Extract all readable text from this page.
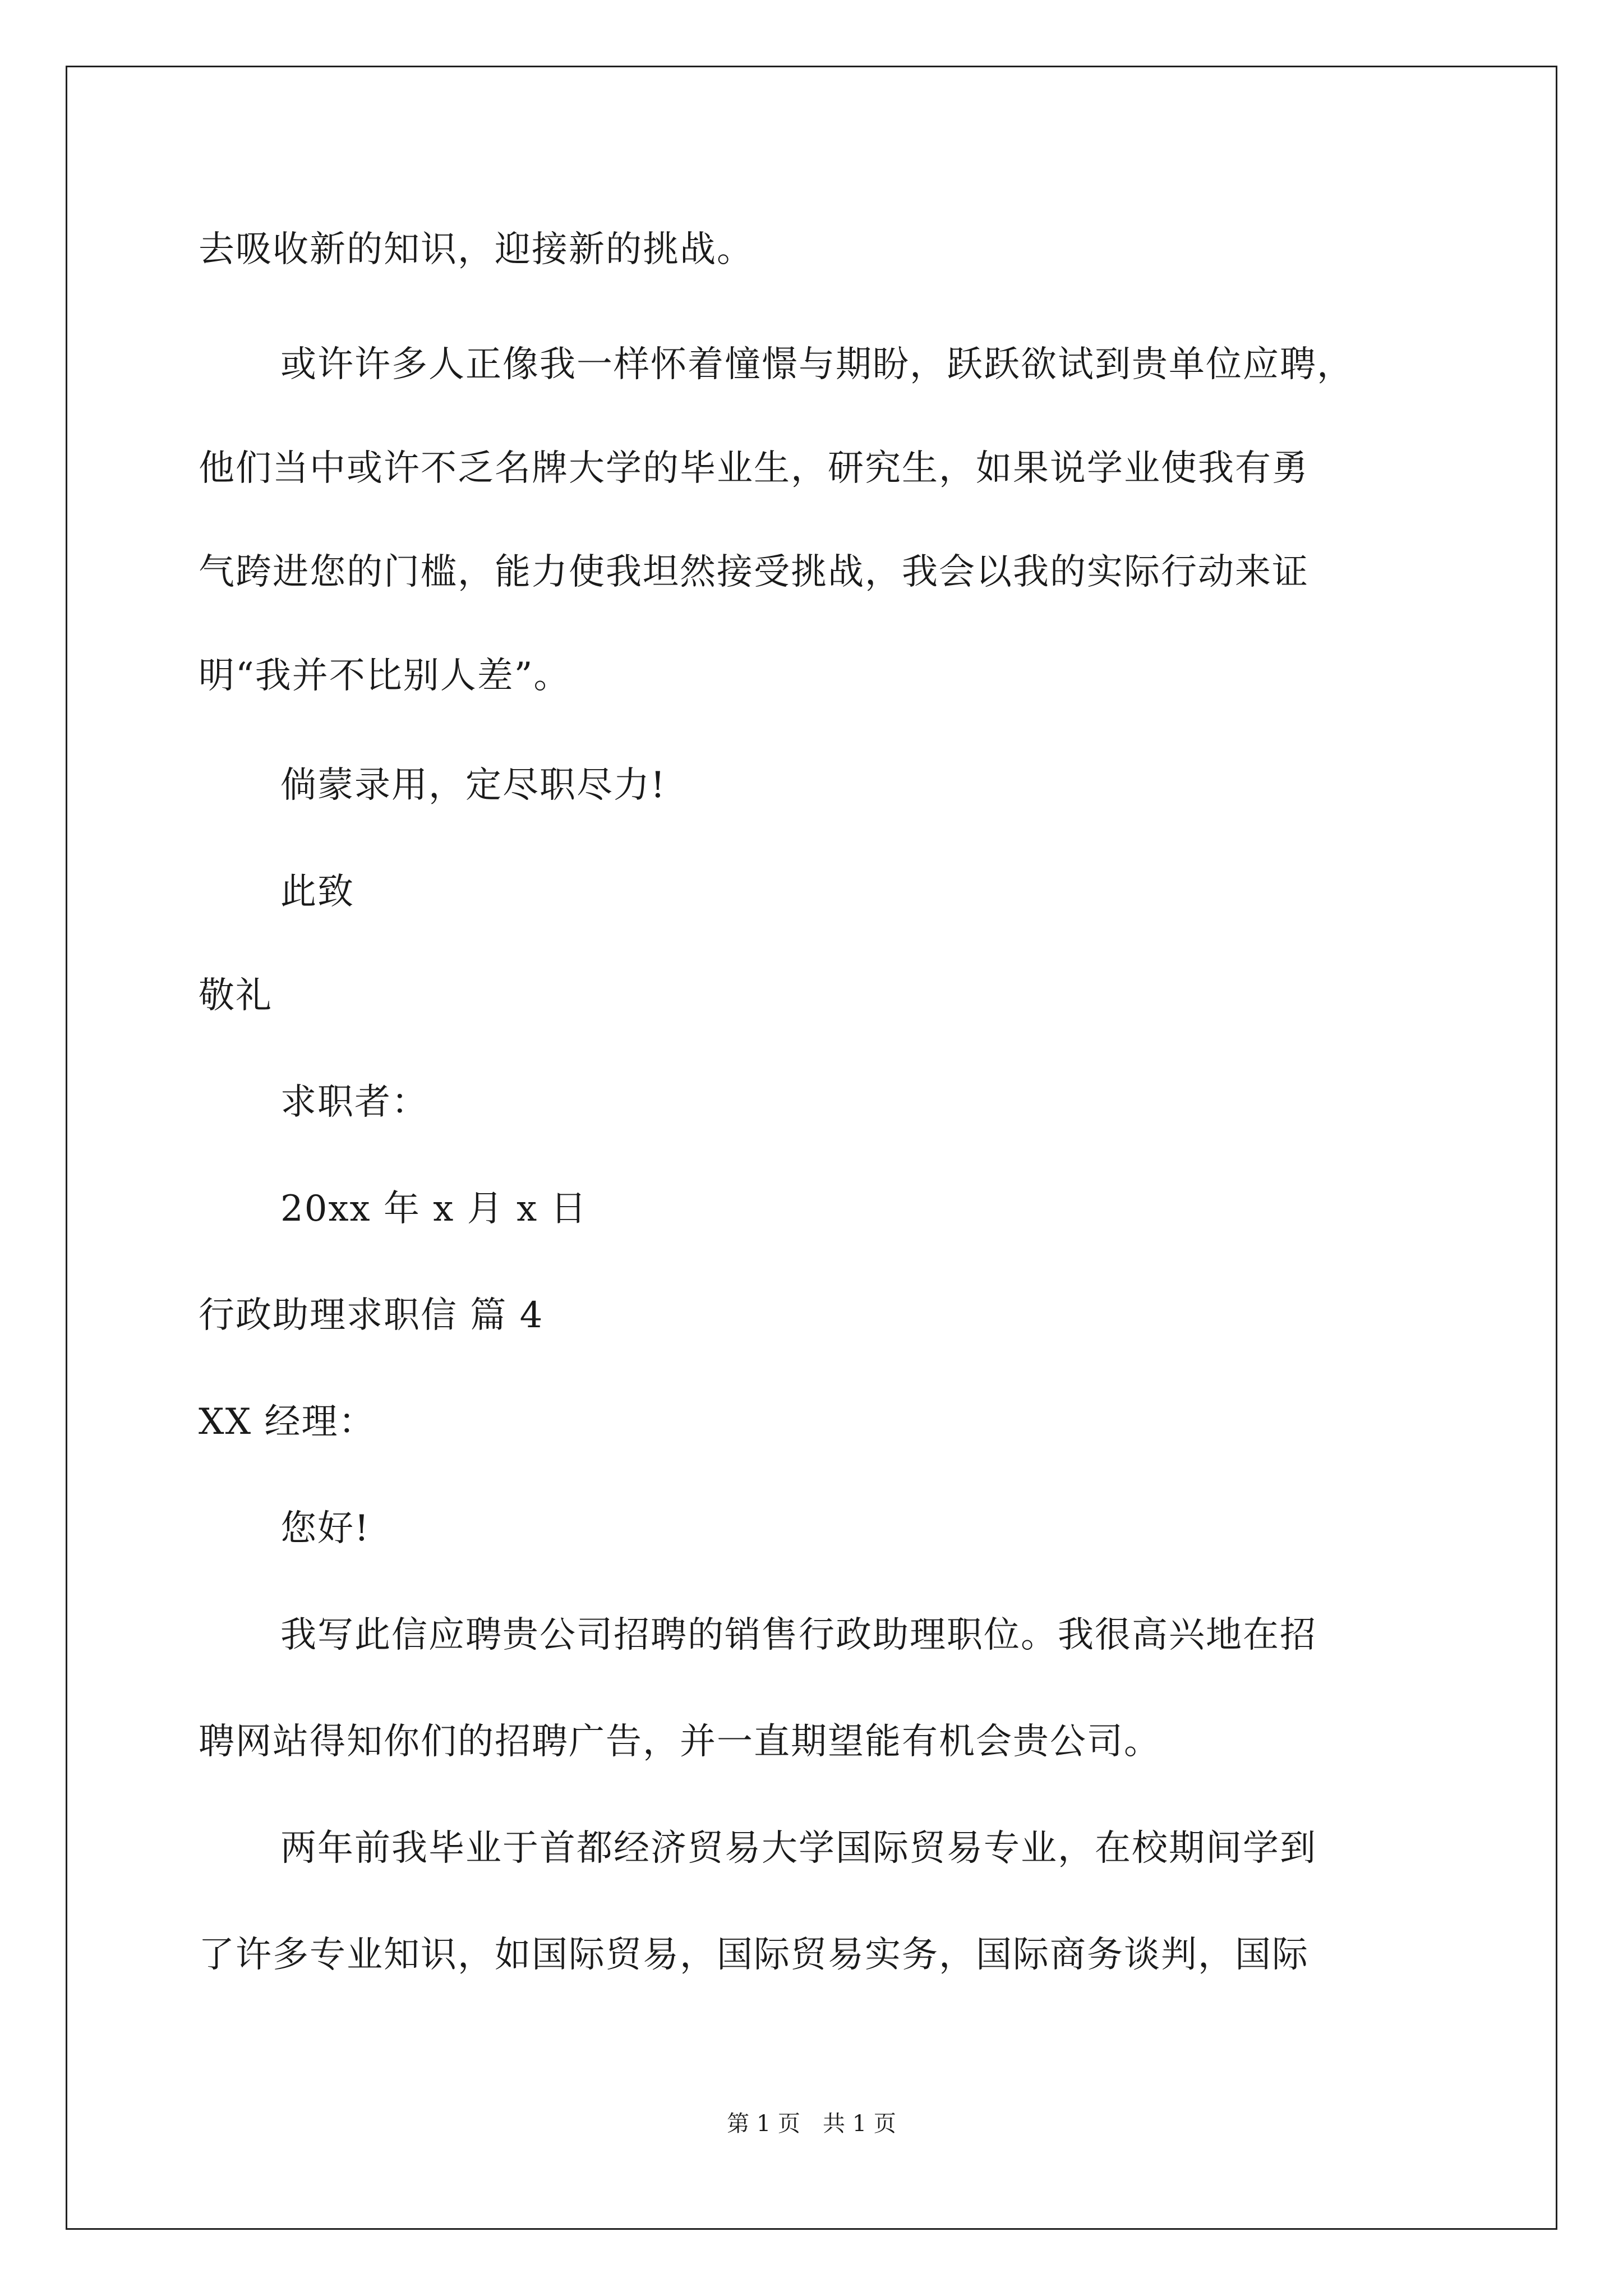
去吸收新的知识，迎接新的挑战。
或许许多人正像我一样怀着憧憬与期盼，跃跃欲试到贵单位应聘，
他们当中或许不乏名牌大学的毕业生，研究生，如果说学业使我有勇
气跨进您的门槛，能力使我坦然接受挑战，我会以我的实际行动来证
明“我并不比别人差”。
倘蒙录用，定尽职尽力!
此致
敬礼
求职者：
20xx 年 x 月 x 日
行政助理求职信 篇 4
XX 经理：
您好!
我写此信应聘贵公司招聘的销售行政助理职位。我很高兴地在招
聘网站得知你们的招聘广告，并一直期望能有机会贵公司。
两年前我毕业于首都经济贸易大学国际贸易专业，在校期间学到
了许多专业知识，如国际贸易，国际贸易实务，国际商务谈判，国际
第 1 页　共 1 页
